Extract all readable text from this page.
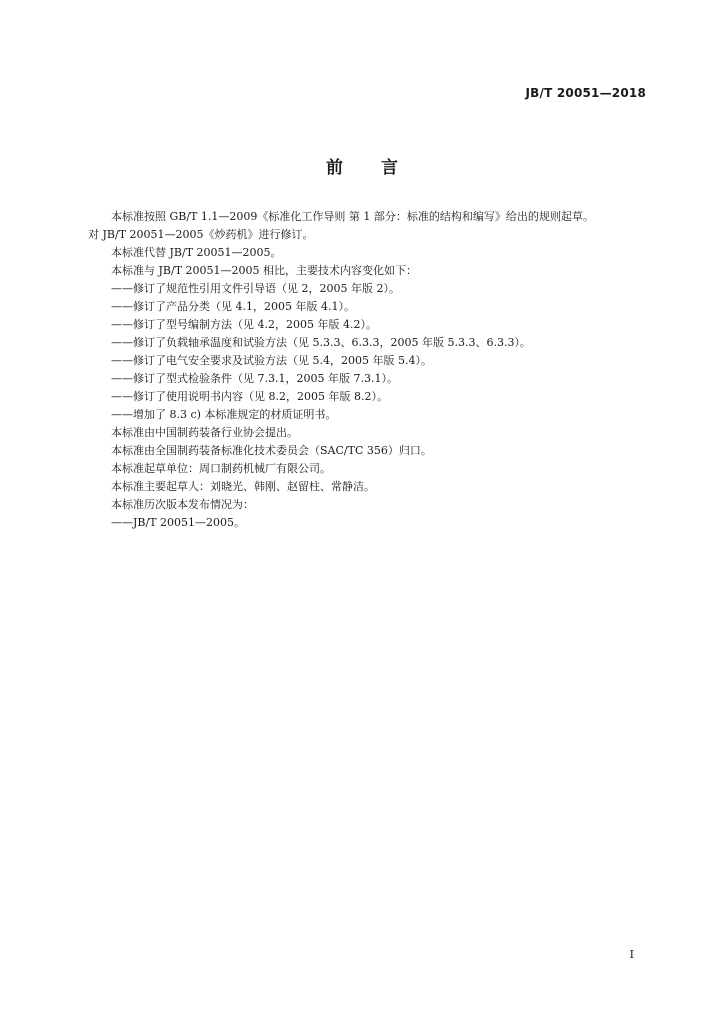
JB/T 20051—2018
前 言

本标准按照 GB/T 1.1—2009《标准化工作导则 第 1 部分：标准的结构和编写》给出的规则起草。

对 JB/T 20051—2005《炒药机》进行修订。

本标准代替 JB/T 20051—2005。

本标准与 JB/T 20051—2005 相比，主要技术内容变化如下：

——修订了规范性引用文件引导语（见 2，2005 年版 2）。

——修订了产品分类（见 4.1，2005 年版 4.1）。

——修订了型号编制方法（见 4.2，2005 年版 4.2）。

——修订了负载轴承温度和试验方法（见 5.3.3、6.3.3，2005 年版 5.3.3、6.3.3）。

——修订了电气安全要求及试验方法（见 5.4，2005 年版 5.4）。

——修订了型式检验条件（见 7.3.1，2005 年版 7.3.1）。

——修订了使用说明书内容（见 8.2，2005 年版 8.2）。

——增加了 8.3 c) 本标准规定的材质证明书。

本标准由中国制药装备行业协会提出。

本标准由全国制药装备标准化技术委员会（SAC/TC 356）归口。

本标准起草单位：周口制药机械厂有限公司。

本标准主要起草人：刘晓光、韩刚、赵留柱、常静洁。

本标准历次版本发布情况为：

——JB/T 20051—2005。

I
